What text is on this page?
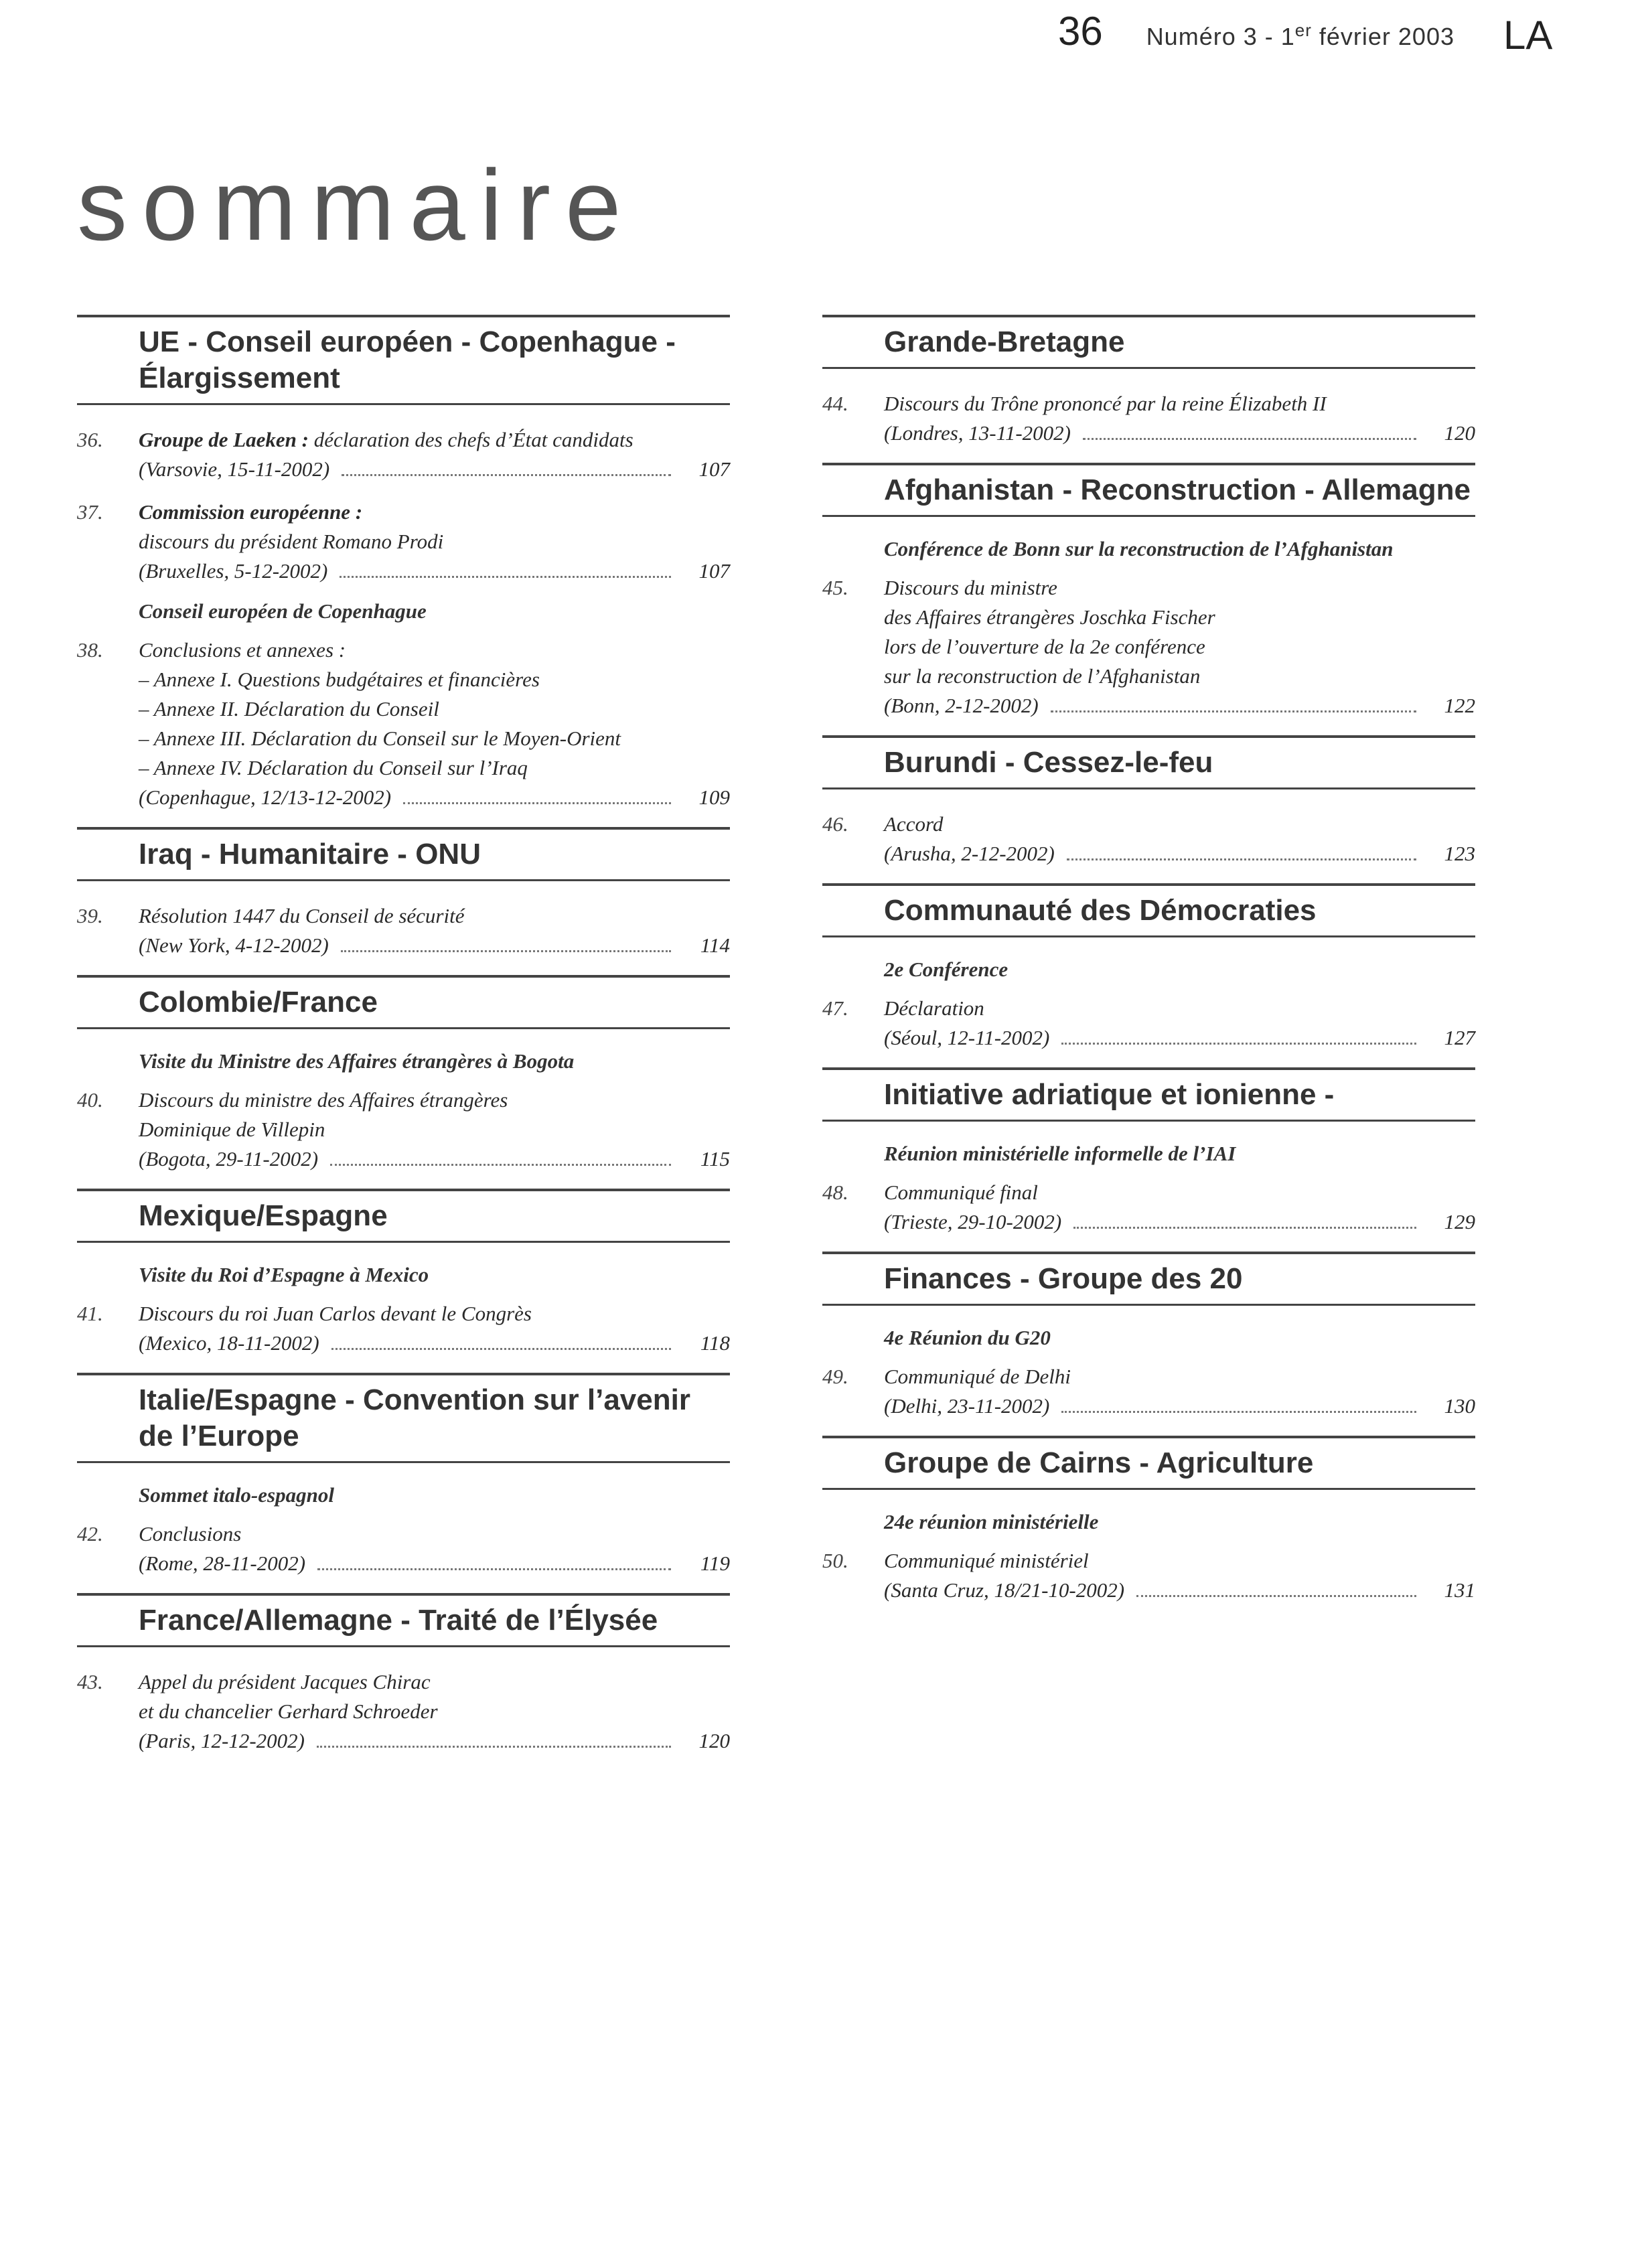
36 Numéro 3 - 1er février 2003 LA
sommaire
UE - Conseil européen - Copenhague - Élargissement
36.	Groupe de Laeken : déclaration des chefs d’État candidats
(Varsovie, 15-11-2002)	107
37.	Commission européenne :
discours du président Romano Prodi
(Bruxelles, 5-12-2002)	107
Conseil européen de Copenhague
38.	Conclusions et annexes :
– Annexe I. Questions budgétaires et financières
– Annexe II. Déclaration du Conseil
– Annexe III. Déclaration du Conseil sur le Moyen-Orient
– Annexe IV. Déclaration du Conseil sur l’Iraq
(Copenhague, 12/13-12-2002)	109
Iraq - Humanitaire - ONU
39.	Résolution 1447 du Conseil de sécurité
(New York, 4-12-2002)	114
Colombie/France
Visite du Ministre des Affaires étrangères à Bogota
40.	Discours du ministre des Affaires étrangères
Dominique de Villepin
(Bogota, 29-11-2002)	115
Mexique/Espagne
Visite du Roi d’Espagne à Mexico
41.	Discours du roi Juan Carlos devant le Congrès
(Mexico, 18-11-2002)	118
Italie/Espagne - Convention sur l’avenir de l’Europe
Sommet italo-espagnol
42.	Conclusions
(Rome, 28-11-2002)	119
France/Allemagne - Traité de l’Élysée
43.	Appel du président Jacques Chirac
et du chancelier Gerhard Schroeder
(Paris, 12-12-2002)	120
Grande-Bretagne
44.	Discours du Trône prononcé par la reine Élizabeth II
(Londres, 13-11-2002)	120
Afghanistan - Reconstruction - Allemagne
Conférence de Bonn sur la reconstruction de l’Afghanistan
45.	Discours du ministre
des Affaires étrangères Joschka Fischer
lors de l’ouverture de la 2e conférence
sur la reconstruction de l’Afghanistan
(Bonn, 2-12-2002)	122
Burundi - Cessez-le-feu
46.	Accord
(Arusha, 2-12-2002)	123
Communauté des Démocraties
2e Conférence
47.	Déclaration
(Séoul, 12-11-2002)	127
Initiative adriatique et ionienne -
Réunion ministérielle informelle de l’IAI
48.	Communiqué final
(Trieste, 29-10-2002)	129
Finances - Groupe des 20
4e Réunion du G20
49.	Communiqué de Delhi
(Delhi, 23-11-2002)	130
Groupe de Cairns - Agriculture
24e réunion ministérielle
50.	Communiqué ministériel
(Santa Cruz, 18/21-10-2002)	131
